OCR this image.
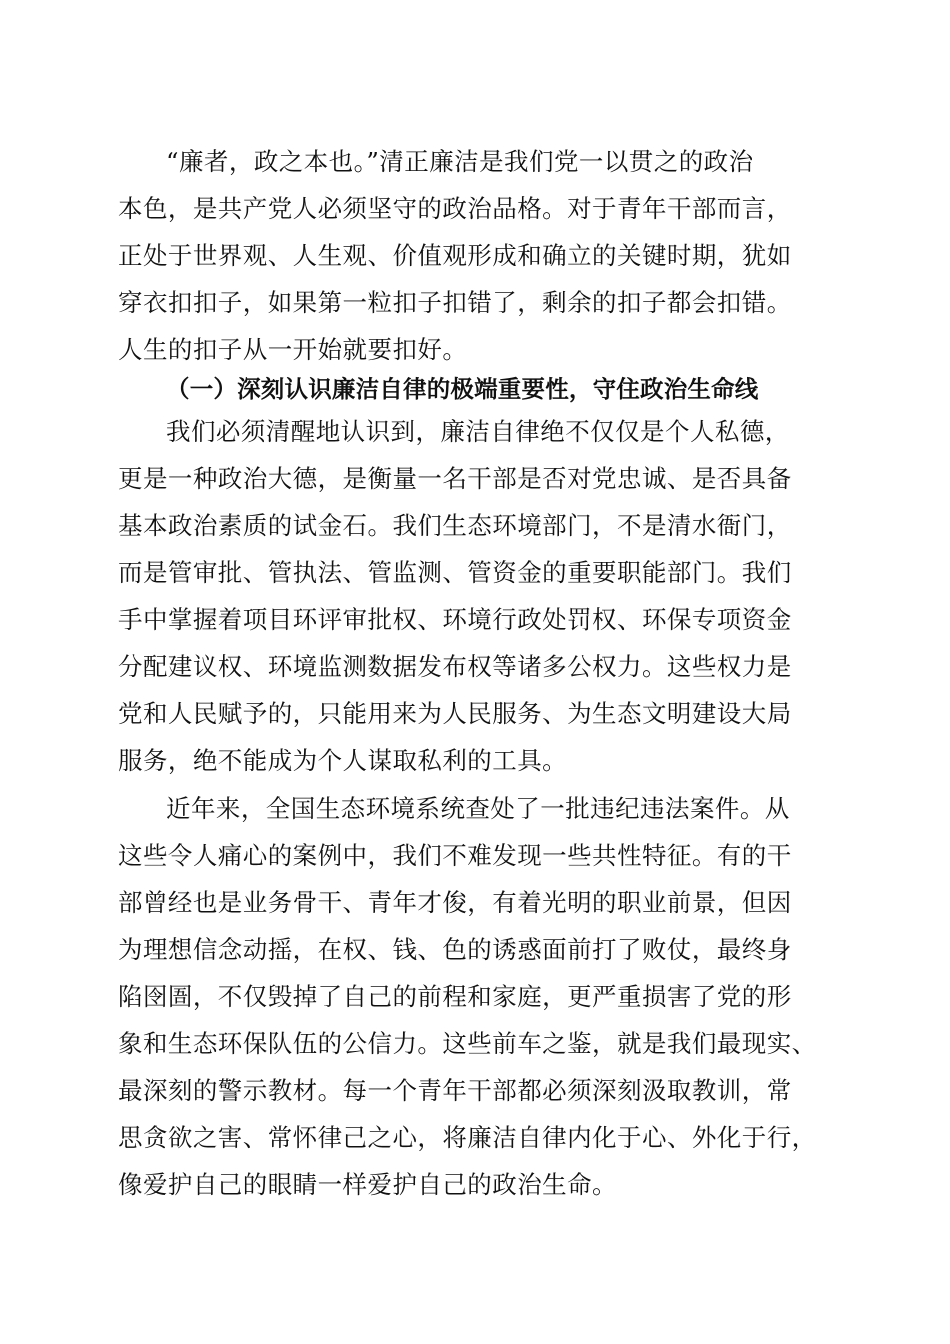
“廉者，政之本也。”清正廉洁是我们党一以贯之的政治
本色，是共产党人必须坚守的政治品格。对于青年干部而言，
正处于世界观、人生观、价值观形成和确立的关键时期，犹如
穿衣扣扣子，如果第一粒扣子扣错了，剩余的扣子都会扣错。
人生的扣子从一开始就要扣好。
（一）深刻认识廉洁自律的极端重要性，守住政治生命线
我们必须清醒地认识到，廉洁自律绝不仅仅是个人私德，
更是一种政治大德，是衡量一名干部是否对党忠诚、是否具备
基本政治素质的试金石。我们生态环境部门，不是清水衙门，
而是管审批、管执法、管监测、管资金的重要职能部门。我们
手中掌握着项目环评审批权、环境行政处罚权、环保专项资金
分配建议权、环境监测数据发布权等诸多公权力。这些权力是
党和人民赋予的，只能用来为人民服务、为生态文明建设大局
服务，绝不能成为个人谋取私利的工具。
近年来，全国生态环境系统查处了一批违纪违法案件。从
这些令人痛心的案例中，我们不难发现一些共性特征。有的干
部曾经也是业务骨干、青年才俊，有着光明的职业前景，但因
为理想信念动摇，在权、钱、色的诱惑面前打了败仗，最终身
陷囹圄，不仅毁掉了自己的前程和家庭，更严重损害了党的形
象和生态环保队伍的公信力。这些前车之鉴，就是我们最现实、
最深刻的警示教材。每一个青年干部都必须深刻汲取教训，常
思贪欲之害、常怀律己之心，将廉洁自律内化于心、外化于行，
像爱护自己的眼睛一样爱护自己的政治生命。
